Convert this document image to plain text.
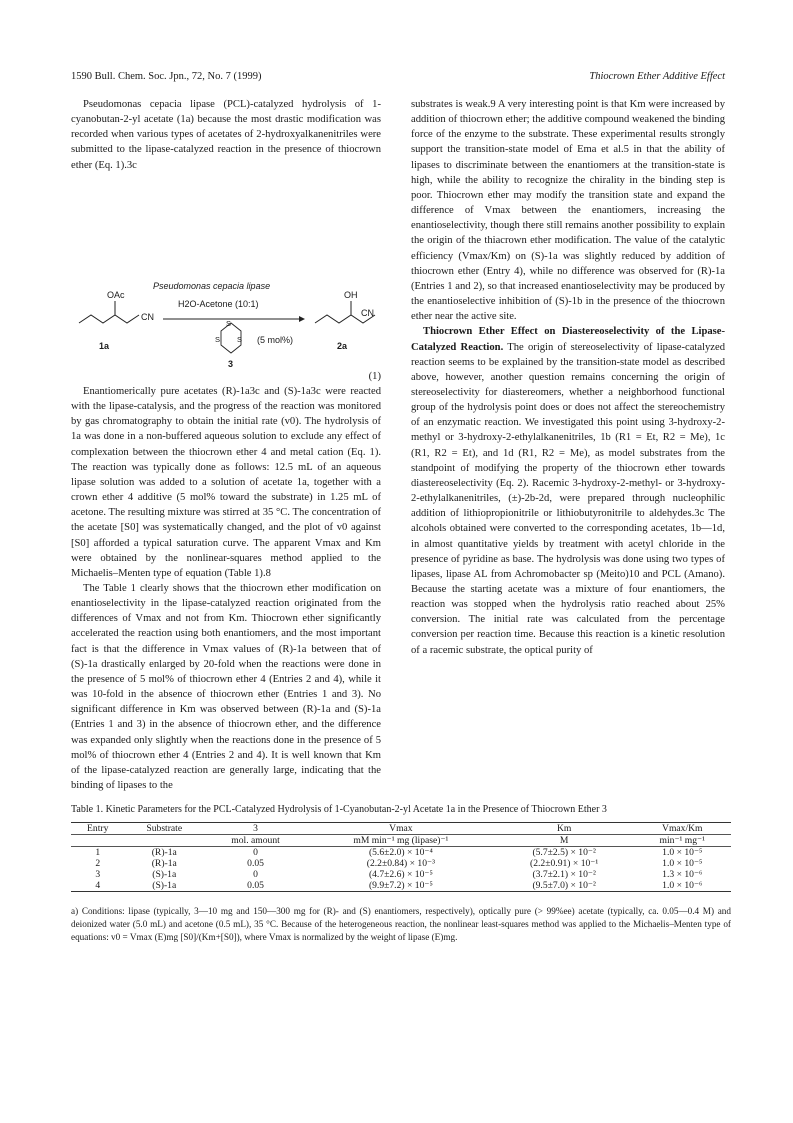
1590 Bull. Chem. Soc. Jpn., 72, No. 7 (1999)	Thiocrown Ether Additive Effect

Pseudomonas cepacia lipase (PCL)-catalyzed hydrolysis of 1-cyanobutan-2-yl acetate (1a) because the most drastic modification was recorded when various types of acetates of 2-hydroxyalkanenitriles were submitted to the lipase-catalyzed reaction in the presence of thiocrown ether (Eq. 1).3c

Pseudomonas cepacia lipase
H2O-Acetone (10:1)
OAc
CN
1a
OH
CN
2a
S
S S (5 mol%)
3

(1)

Enantiomerically pure acetates (R)-1a3c and (S)-1a3c were reacted with the lipase-catalysis, and the progress of the reaction was monitored by gas chromatography to obtain the initial rate (v0). The hydrolysis of 1a was done in a non-buffered aqueous solution to exclude any effect of complexation between the thiocrown ether 4 and metal cation (Eq. 1). The reaction was typically done as follows: 12.5 mL of an aqueous lipase solution was added to a solution of acetate 1a, together with a crown ether 4 additive (5 mol% toward the substrate) in 1.25 mL of acetone. The resulting mixture was stirred at 35 °C. The concentration of the acetate [S0] was systematically changed, and the plot of v0 against [S0] afforded a typical saturation curve. The apparent Vmax and Km were obtained by the nonlinear-squares method applied to the Michaelis–Menten type of equation (Table 1).8

The Table 1 clearly shows that the thiocrown ether modification on enantioselectivity in the lipase-catalyzed reaction originated from the differences of Vmax and not from Km. Thiocrown ether significantly accelerated the reaction using both enantiomers, and the most important fact is that the difference in Vmax values of (R)-1a between that of (S)-1a drastically enlarged by 20-fold when the reactions were done in the presence of 5 mol% of thiocrown ether 4 (Entries 2 and 4), while it was 10-fold in the absence of thiocrown ether (Entries 1 and 3). No significant difference in Km was observed between (R)-1a and (S)-1a (Entries 1 and 3) in the absence of thiocrown ether, and the difference was expanded only slightly when the reactions done in the presence of 5 mol% of thiocrown ether 4 (Entries 2 and 4). It is well known that Km of the lipase-catalyzed reaction are generally large, indicating that the binding of lipases to the

substrates is weak.9 A very interesting point is that Km were increased by addition of thiocrown ether; the additive compound weakened the binding force of the enzyme to the substrate. These experimental results strongly support the transition-state model of Ema et al.5 in that the ability of lipases to discriminate between the enantiomers at the transition-state is high, while the ability to recognize the chirality in the binding step is poor. Thiocrown ether may modify the transition state and expand the difference of Vmax between the enantiomers, increasing the enantioselectivity, though there still remains another possibility to explain the origin of the thiacrown ether modification. The value of the catalytic efficiency (Vmax/Km) on (S)-1a was slightly reduced by addition of thiocrown ether (Entry 4), while no difference was observed for (R)-1a (Entries 1 and 2), so that increased enantioselectivity may be produced by the enantioselective inhibition of (S)-1b in the presence of the thiocrown ether near the active site.

Thiocrown Ether Effect on Diastereoselectivity of the Lipase-Catalyzed Reaction. The origin of stereoselectivity of lipase-catalyzed reaction seems to be explained by the transition-state model as described above, however, another question remains concerning the origin of stereoselectivity for diastereomers, whether a neighborhood functional group of the hydrolysis point does or does not affect the stereochemistry of an enzymatic reaction. We investigated this point using 3-hydroxy-2-methyl or 3-hydroxy-2-ethylalkanenitriles, 1b (R1 = Et, R2 = Me), 1c (R1, R2 = Et), and 1d (R1, R2 = Me), as model substrates from the standpoint of modifying the property of the thiocrown ether towards diastereoselectivity (Eq. 2). Racemic 3-hydroxy-2-methyl- or 3-hydroxy-2-ethylalkanenitriles, (±)-2b-2d, were prepared through nucleophilic addition of lithiopropionitrile or lithiobutyronitrile to aldehydes.3c The alcohols obtained were converted to the corresponding acetates, 1b—1d, in almost quantitative yields by treatment with acetyl chloride in the presence of pyridine as base. The hydrolysis was done using two types of lipases, lipase AL from Achromobacter sp (Meito)10 and PCL (Amano). Because the starting acetate was a mixture of four enantiomers, the reaction was stopped when the hydrolysis ratio reached about 25% conversion. The initial rate was calculated from the percentage conversion per reaction time. Because this reaction is a kinetic resolution of a racemic substrate, the optical purity of

Table 1. Kinetic Parameters for the PCL-Catalyzed Hydrolysis of 1-Cyanobutan-2-yl Acetate 1a in the Presence of Thiocrown Ether 3
Entry	Substrate	3	Vmax	Km	Vmax/Km
		mol. amount	mM min⁻¹ mg (lipase)⁻¹	M	min⁻¹ mg⁻¹
1	(R)-1a	0	(5.6±2.0) × 10⁻⁴	(5.7±2.5) × 10⁻²	1.0 × 10⁻⁵
2	(R)-1a	0.05	(2.2±0.84) × 10⁻³	(2.2±0.91) × 10⁻¹	1.0 × 10⁻⁵
3	(S)-1a	0	(4.7±2.6) × 10⁻⁵	(3.7±2.1) × 10⁻²	1.3 × 10⁻⁶
4	(S)-1a	0.05	(9.9±7.2) × 10⁻⁵	(9.5±7.0) × 10⁻²	1.0 × 10⁻⁶
a) Conditions: lipase (typically, 3—10 mg and 150—300 mg for (R)- and (S) enantiomers, respectively), optically pure (> 99%ee) acetate (typically, ca. 0.05—0.4 M) and deionized water (5.0 mL) and acetone (0.5 mL), 35 °C. Because of the heterogeneous reaction, the nonlinear least-squares method was applied to the Michaelis–Menten type of equations: v0 = Vmax (E)mg [S0]/(Km+[S0]), where Vmax is normalized by the weight of lipase (E)mg.
